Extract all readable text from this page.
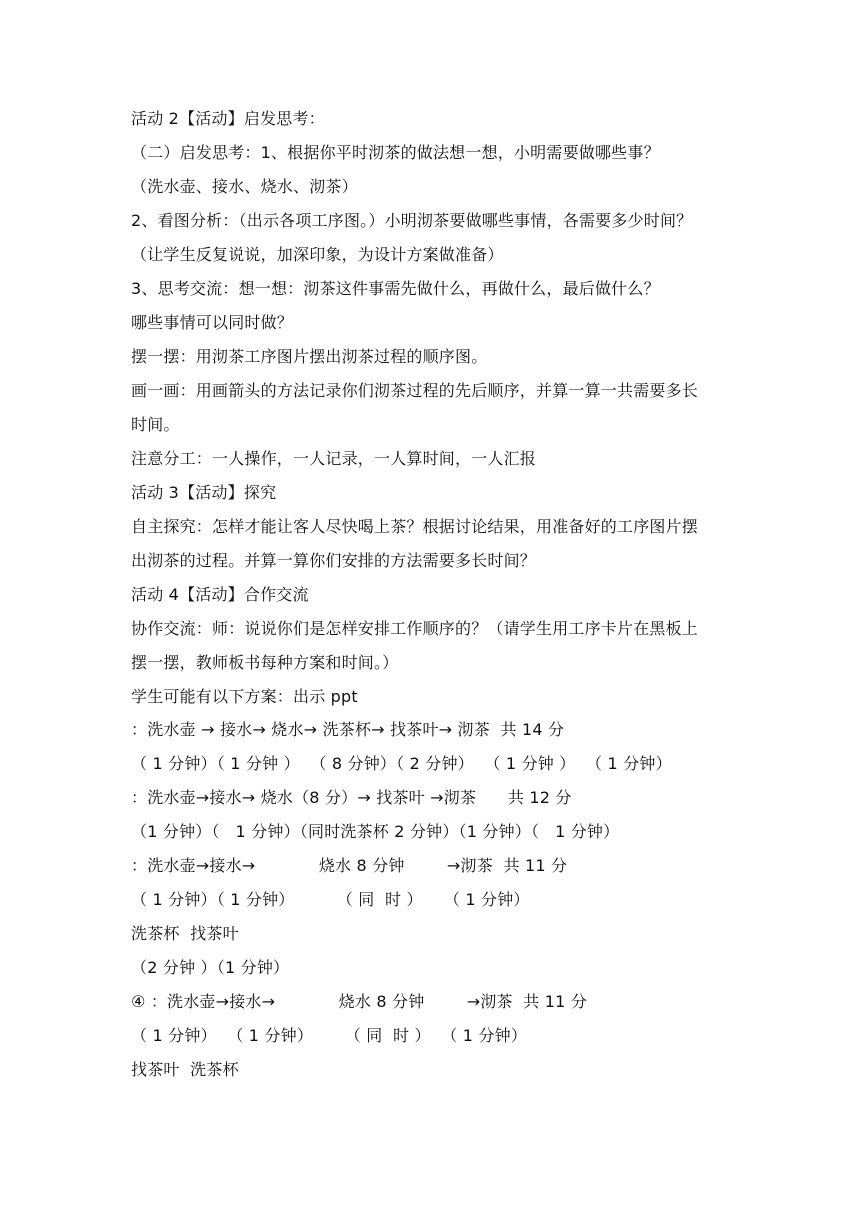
活动 2【活动】启发思考：
（二）启发思考：1、根据你平时沏茶的做法想一想，小明需要做哪些事？
（洗水壶、接水、烧水、沏茶）
2、看图分析：（出示各项工序图。）小明沏茶要做哪些事情，各需要多少时间？
（让学生反复说说，加深印象，为设计方案做准备）
3、思考交流：想一想：沏茶这件事需先做什么，再做什么，最后做什么？
哪些事情可以同时做？
摆一摆：用沏茶工序图片摆出沏茶过程的顺序图。
画一画：用画箭头的方法记录你们沏茶过程的先后顺序，并算一算一共需要多长
时间。
注意分工：一人操作，一人记录，一人算时间，一人汇报
活动 3【活动】探究
自主探究：怎样才能让客人尽快喝上茶？根据讨论结果，用准备好的工序图片摆
出沏茶的过程。并算一算你们安排的方法需要多长时间？
活动 4【活动】合作交流
协作交流：师：说说你们是怎样安排工作顺序的？（请学生用工序卡片在黑板上
摆一摆，教师板书每种方案和时间。）
学生可能有以下方案：出示 ppt
：洗水壶 → 接水→ 烧水→ 洗茶杯→ 找茶叶→ 沏茶  共 14 分
（ 1 分钟）（ 1 分钟 ）  （ 8 分钟）（ 2 分钟）  （ 1 分钟 ）  （ 1 分钟）
：洗水壶→接水→ 烧水（8 分）→ 找茶叶 →沏茶      共 12 分
（1 分钟）（   1 分钟）（同时洗茶杯 2 分钟）（1 分钟）（   1 分钟）
：洗水壶→接水→            烧水 8 分钟        →沏茶  共 11 分
（ 1 分钟）（ 1 分钟）        （ 同  时 ）    （ 1 分钟）
洗茶杯  找茶叶
（2 分钟 ）（1 分钟）
④ ：洗水壶→接水→            烧水 8 分钟        →沏茶  共 11 分
（ 1 分钟）  （ 1 分钟）      （ 同  时 ）  （ 1 分钟）
找茶叶  洗茶杯
